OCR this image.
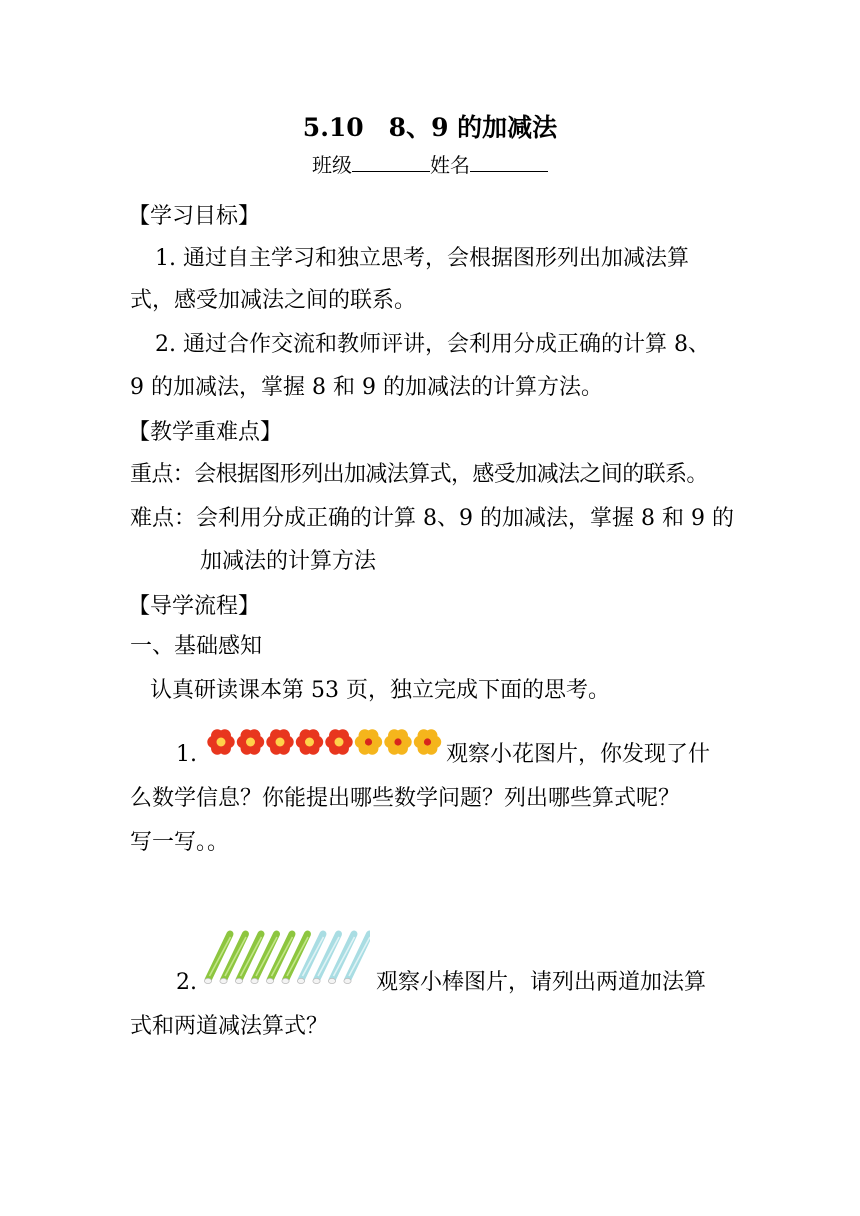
5.10　8、9 的加减法
班级	姓名
【学习目标】
1. 通过自主学习和独立思考，会根据图形列出加减法算
式，感受加减法之间的联系。
2. 通过合作交流和教师评讲，会利用分成正确的计算 8、
9 的加减法，掌握 8 和 9 的加减法的计算方法。
【教学重难点】
重点：会根据图形列出加减法算式，感受加减法之间的联系。
难点：会利用分成正确的计算 8、9 的加减法，掌握 8 和 9 的
加减法的计算方法
【导学流程】
一、基础感知
认真研读课本第 53 页，独立完成下面的思考。
1.	观察小花图片，你发现了什
么数学信息？你能提出哪些数学问题？列出哪些算式呢？
写一写。。
2.	观察小棒图片，请列出两道加法算
式和两道减法算式？
